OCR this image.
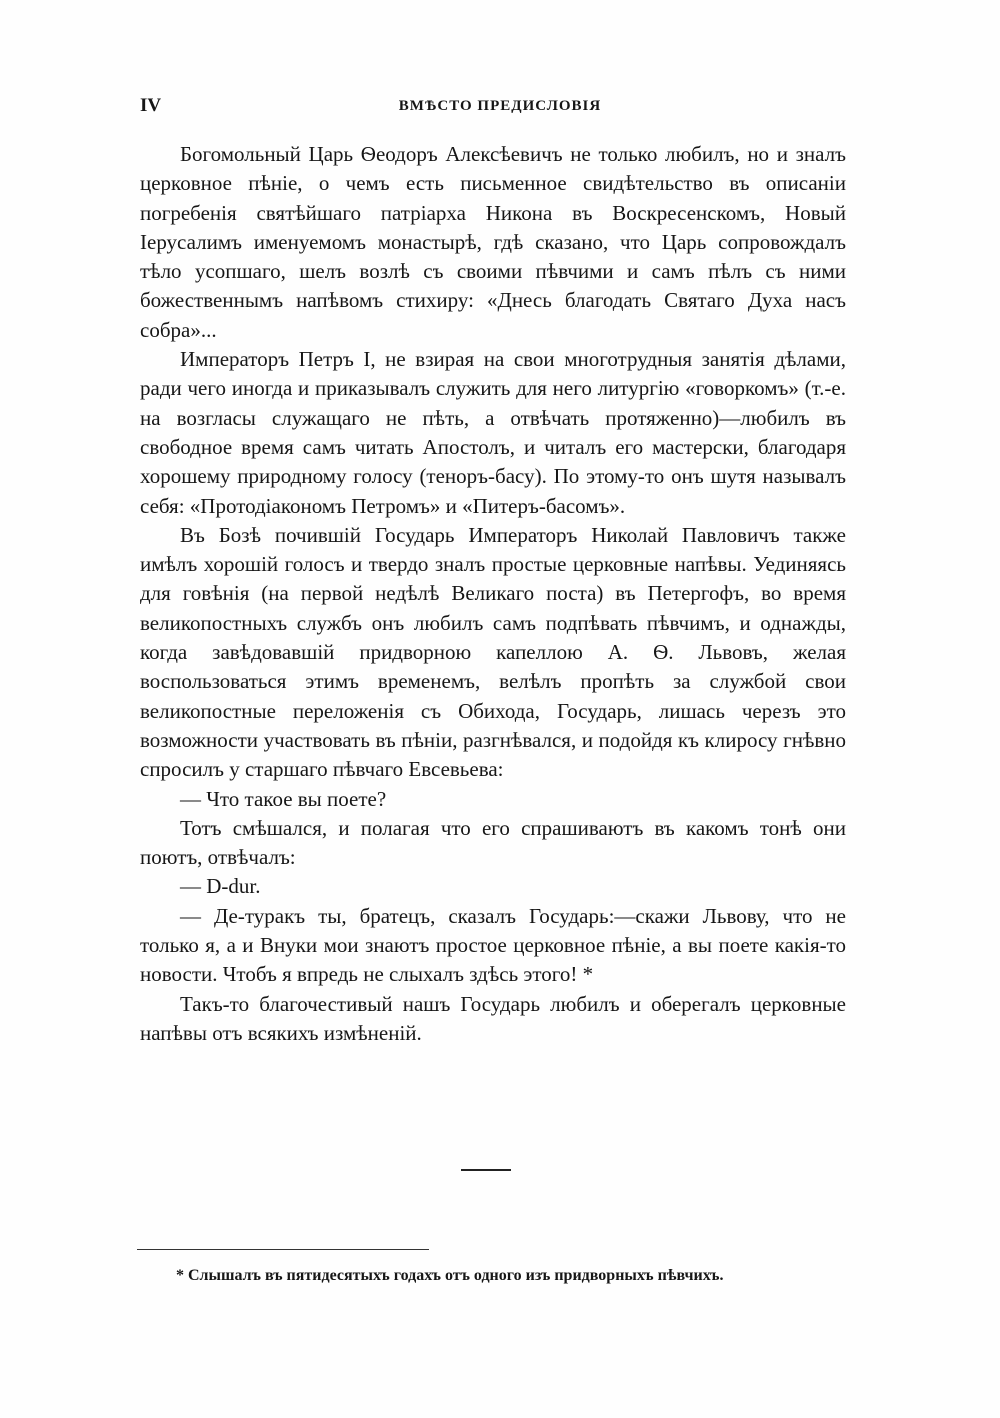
IV	ВМѢСТО ПРЕДИСЛОВІЯ

Богомольный Царь Ѳеодоръ Алексѣевичъ не только любилъ, но и зналъ церковное пѣніе, о чемъ есть письменное свидѣтельство въ описаніи погребенія святѣйшаго патріарха Никона въ Воскресенскомъ, Новый Іерусалимъ именуемомъ монастырѣ, гдѣ сказано, что Царь сопровождалъ тѣло усопшаго, шелъ возлѣ съ своими пѣвчими и самъ пѣлъ съ ними божественнымъ напѣвомъ стихиру: «Днесь благодать Святаго Духа насъ собра»...

Императоръ Петръ I, не взирая на свои многотрудныя занятія дѣлами, ради чего иногда и приказывалъ служить для него литургію «говоркомъ» (т.-е. на возгласы служащаго не пѣть, а отвѣчать протяженно)—любилъ въ свободное время самъ читать Апостолъ, и читалъ его мастерски, благодаря хорошему природному голосу (теноръ-басу). По этому-то онъ шутя называлъ себя: «Протодіакономъ Петромъ» и «Питеръ-басомъ».

Въ Бозѣ почившій Государь Императоръ Николай Павловичъ также имѣлъ хорошій голосъ и твердо зналъ простые церковные напѣвы. Уединяясь для говѣнія (на первой недѣлѣ Великаго поста) въ Петергофъ, во время великопостныхъ службъ онъ любилъ самъ подпѣвать пѣвчимъ, и однажды, когда завѣдовавшій придворною капеллою А. Ѳ. Львовъ, желая воспользоваться этимъ временемъ, велѣлъ пропѣть за службой свои великопостные переложенія съ Обихода, Государь, лишась черезъ это возможности участвовать въ пѣніи, разгнѣвался, и подойдя къ клиросу гнѣвно спросилъ у старшаго пѣвчаго Евсевьева:

— Что такое вы поете?

Тотъ смѣшался, и полагая что его спрашиваютъ въ какомъ тонѣ они поютъ, отвѣчалъ:

— D-dur.

— Де-туракъ ты, братецъ, сказалъ Государь:—скажи Львову, что не только я, а и Внуки мои знаютъ простое церковное пѣніе, а вы поете какія-то новости. Чтобъ я впредь не слыхалъ здѣсь этого! *

Такъ-то благочестивый нашъ Государь любилъ и оберегалъ церковные напѣвы отъ всякихъ измѣненій.

* Слышалъ въ пятидесятыхъ годахъ отъ одного изъ придворныхъ пѣвчихъ.
